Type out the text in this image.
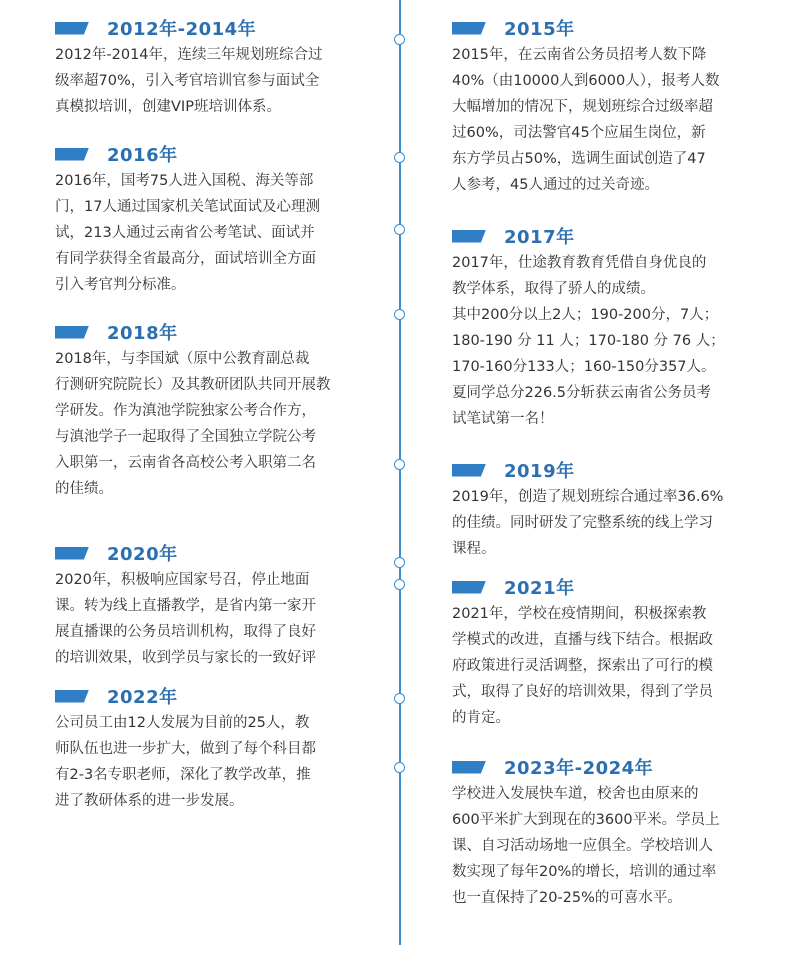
2012年-2014年
2012年-2014年，连续三年规划班综合过
级率超70%，引入考官培训官参与面试全
真模拟培训，创建VIP班培训体系。
2016年
2016年，国考75人进入国税、海关等部
门，17人通过国家机关笔试面试及心理测
试，213人通过云南省公考笔试、面试并
有同学获得全省最高分，面试培训全方面
引入考官判分标准。
2018年
2018年，与李国斌（原中公教育副总裁
行测研究院院长）及其教研团队共同开展教
学研发。作为滇池学院独家公考合作方，
与滇池学子一起取得了全国独立学院公考
入职第一，云南省各高校公考入职第二名
的佳绩。
2020年
2020年，积极响应国家号召，停止地面
课。转为线上直播教学，是省内第一家开
展直播课的公务员培训机构，取得了良好
的培训效果，收到学员与家长的一致好评
2022年
公司员工由12人发展为目前的25人，教
师队伍也进一步扩大，做到了每个科目都
有2-3名专职老师，深化了教学改革，推
进了教研体系的进一步发展。
2015年
2015年，在云南省公务员招考人数下降
40%（由10000人到6000人），报考人数
大幅增加的情况下，规划班综合过级率超
过60%，司法警官45个应届生岗位，新
东方学员占50%，选调生面试创造了47
人参考，45人通过的过关奇迹。
2017年
2017年，仕途教育教育凭借自身优良的
教学体系，取得了骄人的成绩。
其中200分以上2人；190-200分，7人；
180-190 分 11 人；170-180 分 76 人；
170-160分133人；160-150分357人。
夏同学总分226.5分斩获云南省公务员考
试笔试第一名！
2019年
2019年，创造了规划班综合通过率36.6%
的佳绩。同时研发了完整系统的线上学习
课程。
2021年
2021年，学校在疫情期间，积极探索教
学模式的改进，直播与线下结合。根据政
府政策进行灵活调整，探索出了可行的模
式，取得了良好的培训效果，得到了学员
的肯定。
2023年-2024年
学校进入发展快车道，校舍也由原来的
600平米扩大到现在的3600平米。学员上
课、自习活动场地一应俱全。学校培训人
数实现了每年20%的增长，培训的通过率
也一直保持了20-25%的可喜水平。
